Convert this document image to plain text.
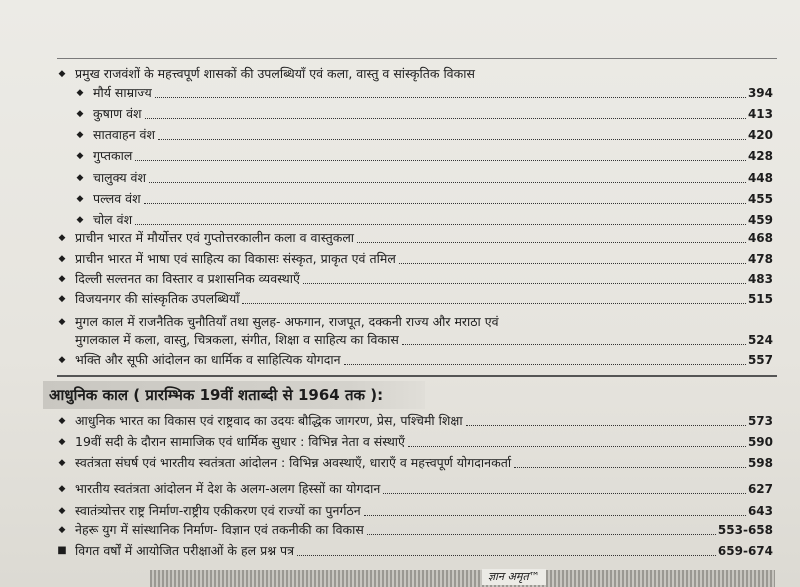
◆ प्रमुख राजवंशों के महत्त्वपूर्ण शासकों की उपलब्धियाँ एवं कला, वास्तु व सांस्कृतिक विकास
◆ मौर्य साम्राज्य	394
◆ कुषाण वंश	413
◆ सातवाहन वंश	420
◆ गुप्तकाल	428
◆ चालुक्य वंश	448
◆ पल्लव वंश	455
◆ चोल वंश	459
◆ प्राचीन भारत में मौर्योत्तर एवं गुप्तोत्तरकालीन कला व वास्तुकला	468
◆ प्राचीन भारत में भाषा एवं साहित्य का विकासः संस्कृत, प्राकृत एवं तमिल	478
◆ दिल्ली सल्तनत का विस्तार व प्रशासनिक व्यवस्थाएँ	483
◆ विजयनगर की सांस्कृतिक उपलब्धियाँ	515
◆ मुगल काल में राजनैतिक चुनौतियाँ तथा सुलह- अफगान, राजपूत, दक्कनी राज्य और मराठा एवं
मुगलकाल में कला, वास्तु, चित्रकला, संगीत, शिक्षा व साहित्य का विकास	524
◆ भक्ति और सूफी आंदोलन का धार्मिक व साहित्यिक योगदान	557
आधुनिक काल ( प्रारम्भिक 19वीं शताब्दी से 1964 तक ):
◆ आधुनिक भारत का विकास एवं राष्ट्रवाद का उदयः बौद्धिक जागरण, प्रेस, पश्चिमी शिक्षा	573
◆ 19वीं सदी के दौरान सामाजिक एवं धार्मिक सुधार : विभिन्न नेता व संस्थाएँ	590
◆ स्वतंत्रता संघर्ष एवं भारतीय स्वतंत्रता आंदोलन : विभिन्न अवस्थाएँ, धाराएँ व महत्त्वपूर्ण योगदानकर्ता	598
◆ भारतीय स्वतंत्रता आंदोलन में देश के अलग-अलग हिस्सों का योगदान	627
◆ स्वातंत्र्योत्तर राष्ट्र निर्माण-राष्ट्रीय एकीकरण एवं राज्यों का पुनर्गठन	643
◆ नेहरू युग में सांस्थानिक निर्माण- विज्ञान एवं तकनीकी का विकास	553-658
■ विगत वर्षों में आयोजित परीक्षाओं के हल प्रश्न पत्र	659-674
ज्ञान अमृत™
